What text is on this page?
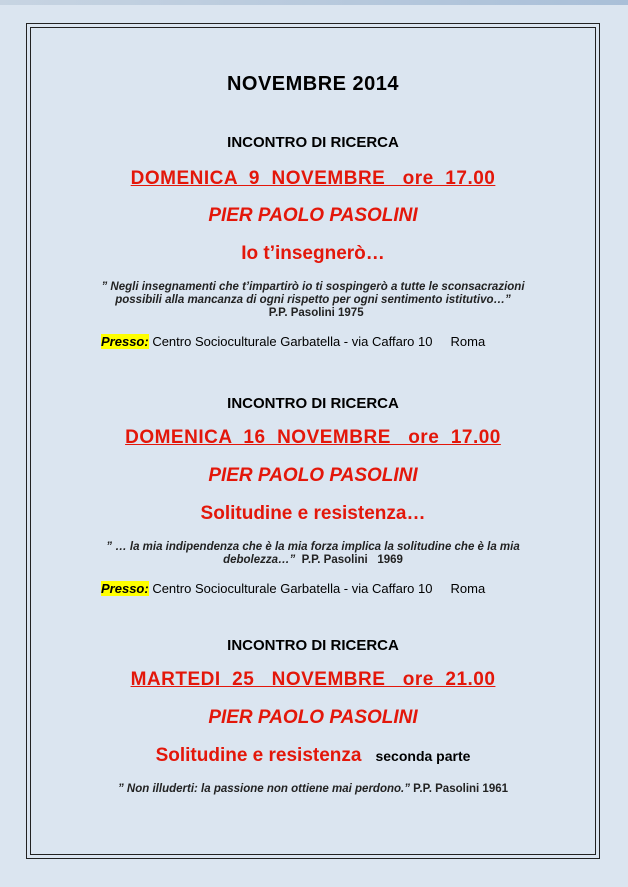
NOVEMBRE 2014
INCONTRO DI RICERCA
DOMENICA  9  NOVEMBRE   ore  17.00
PIER PAOLO PASOLINI
Io t’insegnerò…
” Negli insegnamenti che t’impartirò io ti sospingerò a tutte le sconsacrazioni possibili alla mancanza di ogni rispetto per ogni sentimento istitutivo…”  P.P. Pasolini 1975
Presso: Centro Socioculturale Garbatella - via Caffaro 10     Roma
INCONTRO DI RICERCA
DOMENICA  16  NOVEMBRE   ore  17.00
PIER PAOLO PASOLINI
Solitudine e resistenza…
” … la mia indipendenza che è la mia forza implica la solitudine che è la mia debolezza…”  P.P. Pasolini   1969
Presso: Centro Socioculturale Garbatella - via Caffaro 10     Roma
INCONTRO DI RICERCA
MARTEDI  25   NOVEMBRE   ore  21.00
PIER PAOLO PASOLINI
Solitudine e resistenza seconda parte
” Non illuderti: la passione non ottiene mai perdono.” P.P. Pasolini 1961
